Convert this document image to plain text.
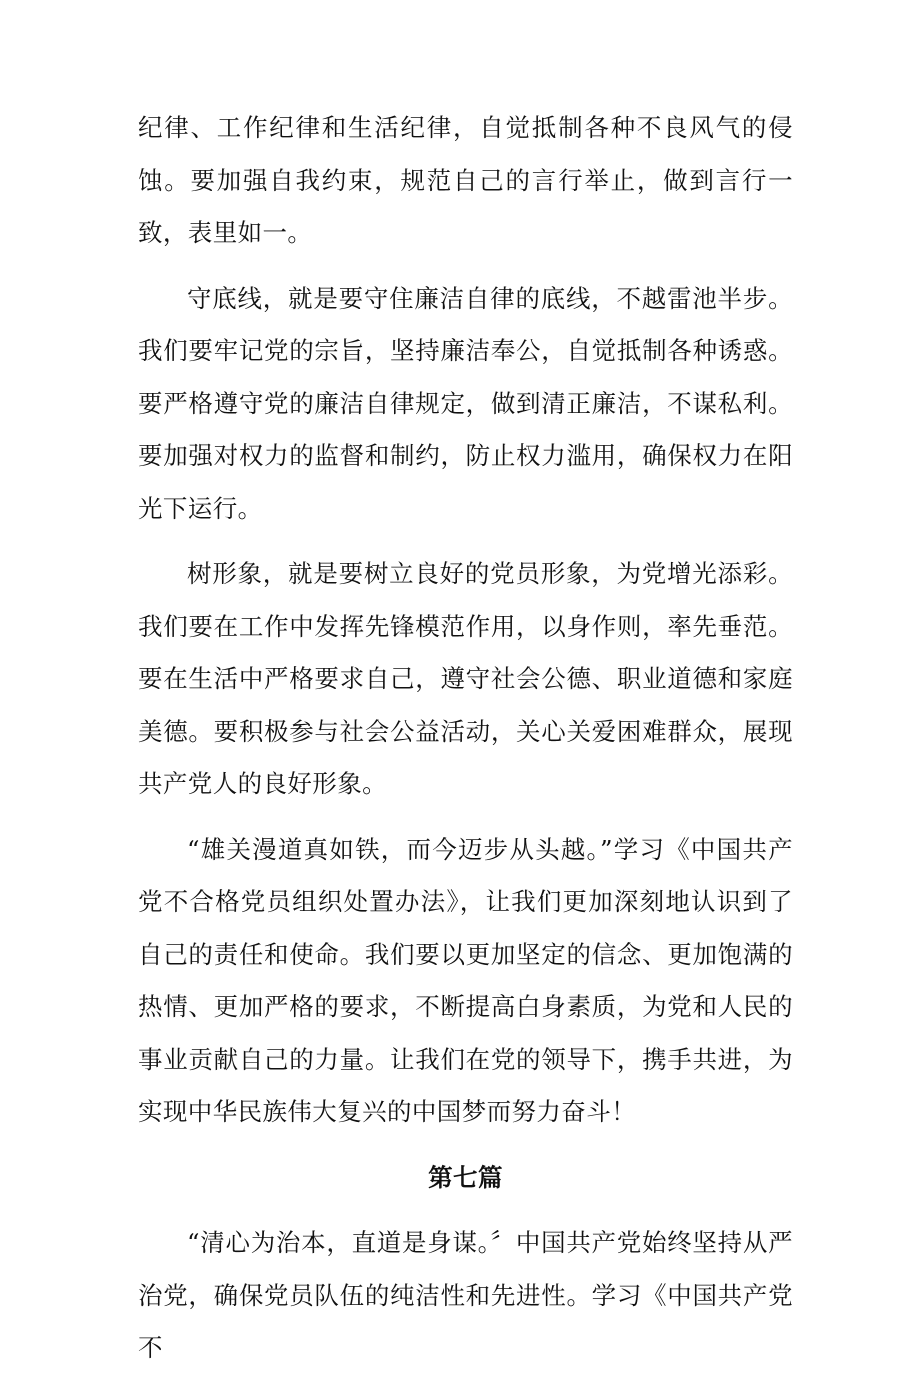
纪律、工作纪律和生活纪律，自觉抵制各种不良风气的侵蚀。要加强自我约束，规范自己的言行举止，做到言行一致，表里如一。

守底线，就是要守住廉洁自律的底线，不越雷池半步。我们要牢记党的宗旨，坚持廉洁奉公，自觉抵制各种诱惑。要严格遵守党的廉洁自律规定，做到清正廉洁，不谋私利。要加强对权力的监督和制约，防止权力滥用，确保权力在阳光下运行。

树形象，就是要树立良好的党员形象，为党增光添彩。我们要在工作中发挥先锋模范作用，以身作则，率先垂范。要在生活中严格要求自己，遵守社会公德、职业道德和家庭美德。要积极参与社会公益活动，关心关爱困难群众，展现共产党人的良好形象。

“雄关漫道真如铁，而今迈步从头越。”学习《中国共产党不合格党员组织处置办法》，让我们更加深刻地认识到了自己的责任和使命。我们要以更加坚定的信念、更加饱满的热情、更加严格的要求，不断提高白身素质，为党和人民的事业贡献自己的力量。让我们在党的领导下，携手共进，为实现中华民族伟大复兴的中国梦而努力奋斗！

第七篇

“清心为治本，直道是身谋。〞中国共产党始终坚持从严治党，确保党员队伍的纯洁性和先进性。学习《中国共产党不
